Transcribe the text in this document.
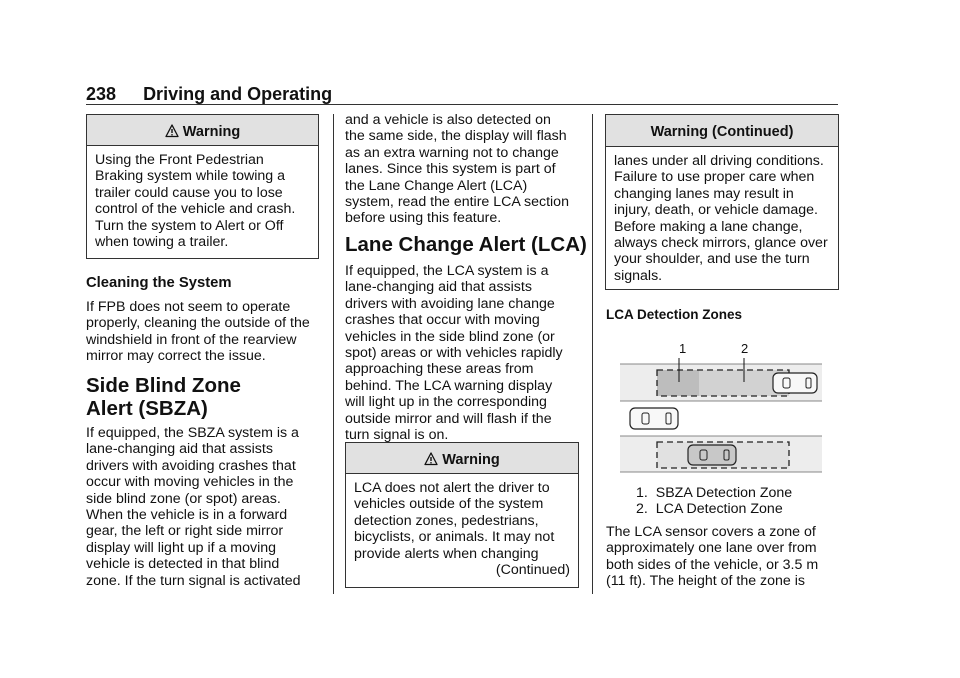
238 Driving and Operating
Warning
Using the Front Pedestrian
Braking system while towing a
trailer could cause you to lose
control of the vehicle and crash.
Turn the system to Alert or Off
when towing a trailer.
Cleaning the System
If FPB does not seem to operate
properly, cleaning the outside of the
windshield in front of the rearview
mirror may correct the issue.
Side Blind Zone
Alert (SBZA)
If equipped, the SBZA system is a
lane-changing aid that assists
drivers with avoiding crashes that
occur with moving vehicles in the
side blind zone (or spot) areas.
When the vehicle is in a forward
gear, the left or right side mirror
display will light up if a moving
vehicle is detected in that blind
zone. If the turn signal is activated
and a vehicle is also detected on
the same side, the display will flash
as an extra warning not to change
lanes. Since this system is part of
the Lane Change Alert (LCA)
system, read the entire LCA section
before using this feature.
Lane Change Alert (LCA)
If equipped, the LCA system is a
lane-changing aid that assists
drivers with avoiding lane change
crashes that occur with moving
vehicles in the side blind zone (or
spot) areas or with vehicles rapidly
approaching these areas from
behind. The LCA warning display
will light up in the corresponding
outside mirror and will flash if the
turn signal is on.
Warning
LCA does not alert the driver to
vehicles outside of the system
detection zones, pedestrians,
bicyclists, or animals. It may not
provide alerts when changing
(Continued)
Warning (Continued)
lanes under all driving conditions.
Failure to use proper care when
changing lanes may result in
injury, death, or vehicle damage.
Before making a lane change,
always check mirrors, glance over
your shoulder, and use the turn
signals.
LCA Detection Zones
1	2
1. SBZA Detection Zone
2. LCA Detection Zone
The LCA sensor covers a zone of
approximately one lane over from
both sides of the vehicle, or 3.5 m
(11 ft). The height of the zone is
